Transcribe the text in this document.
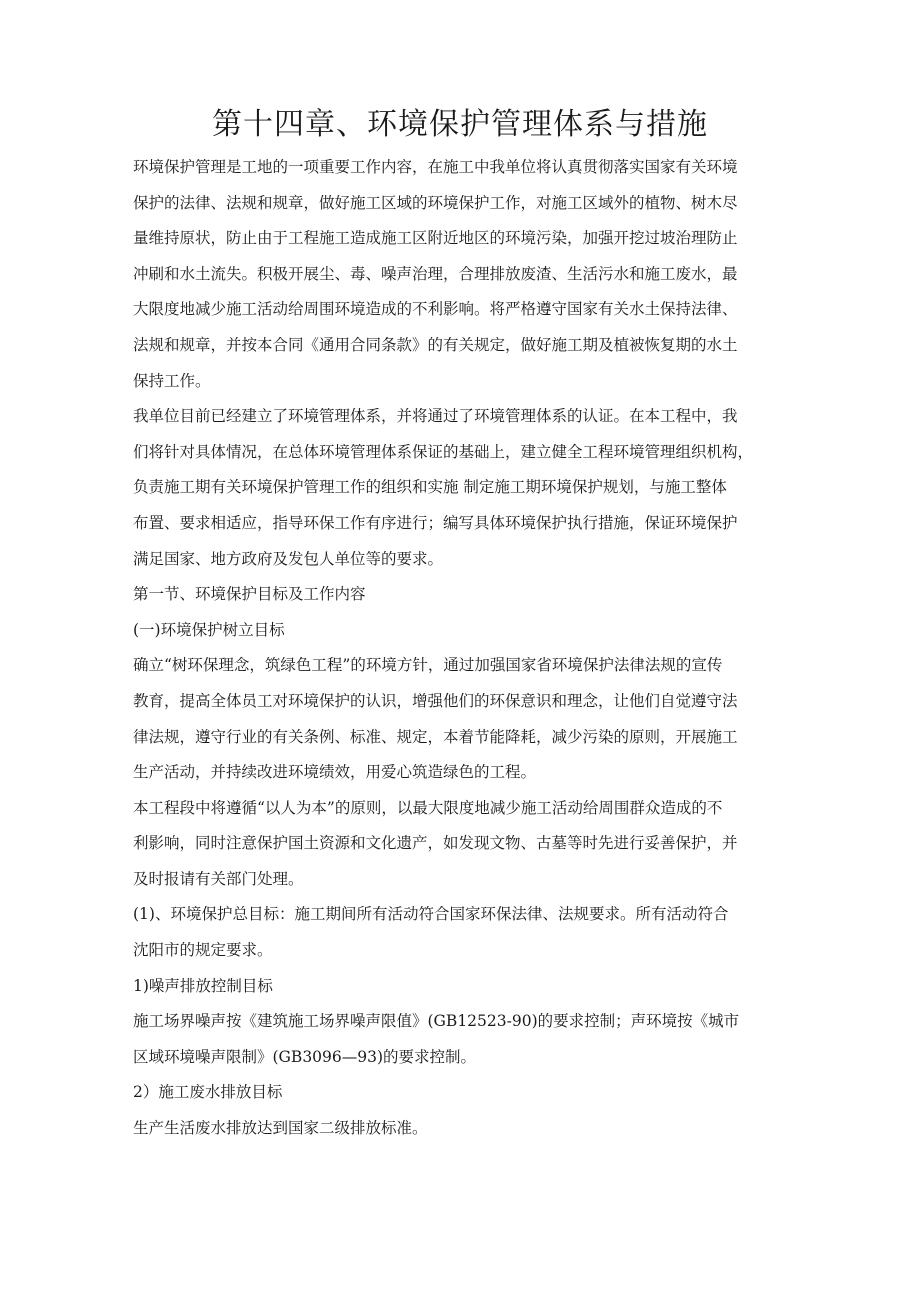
第十四章、环境保护管理体系与措施
环境保护管理是工地的一项重要工作内容，在施工中我单位将认真贯彻落实国家有关环境
保护的法律、法规和规章，做好施工区域的环境保护工作，对施工区域外的植物、树木尽
量维持原状，防止由于工程施工造成施工区附近地区的环境污染，加强开挖过坡治理防止
冲刷和水土流失。积极开展尘、毒、噪声治理，合理排放废渣、生活污水和施工废水，最
大限度地减少施工活动给周围环境造成的不利影响。将严格遵守国家有关水土保持法律、
法规和规章，并按本合同《通用合同条款》的有关规定，做好施工期及植被恢复期的水土
保持工作。
我单位目前已经建立了环境管理体系，并将通过了环境管理体系的认证。在本工程中，我
们将针对具体情况，在总体环境管理体系保证的基础上，建立健全工程环境管理组织机构，
负责施工期有关环境保护管理工作的组织和实施 制定施工期环境保护规划，与施工整体
布置、要求相适应，指导环保工作有序进行；编写具体环境保护执行措施，保证环境保护
满足国家、地方政府及发包人单位等的要求。
第一节、环境保护目标及工作内容
(一)环境保护树立目标
确立“树环保理念，筑绿色工程”的环境方针，通过加强国家省环境保护法律法规的宣传
教育，提高全体员工对环境保护的认识，增强他们的环保意识和理念，让他们自觉遵守法
律法规，遵守行业的有关条例、标准、规定，本着节能降耗，减少污染的原则，开展施工
生产活动，并持续改进环境绩效，用爱心筑造绿色的工程。
本工程段中将遵循“以人为本”的原则，以最大限度地减少施工活动给周围群众造成的不
利影响，同时注意保护国土资源和文化遗产，如发现文物、古墓等时先进行妥善保护，并
及时报请有关部门处理。
(1)、环境保护总目标：施工期间所有活动符合国家环保法律、法规要求。所有活动符合
沈阳市的规定要求。
1)噪声排放控制目标
施工场界噪声按《建筑施工场界噪声限值》(GB12523-90)的要求控制；声环境按《城市
区域环境噪声限制》(GB3096—93)的要求控制。
2）施工废水排放目标
生产生活废水排放达到国家二级排放标准。
